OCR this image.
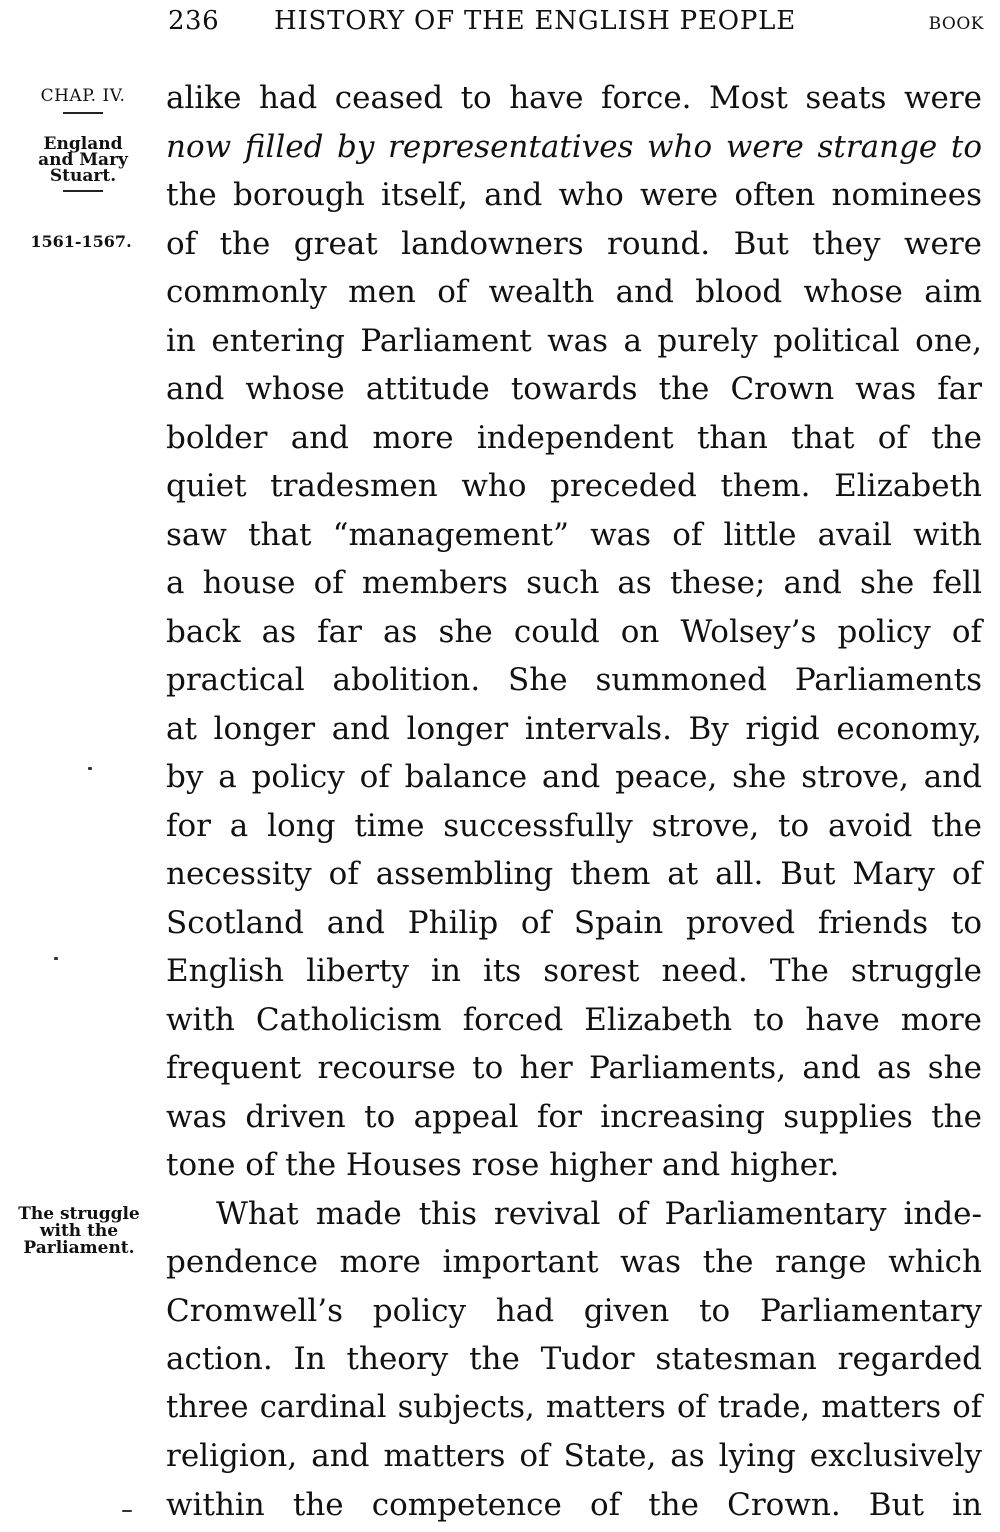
236 HISTORY OF THE ENGLISH PEOPLE	BOOK
CHAP. IV.
England
and Mary
Stuart.
1561-1567.
The struggle
with the
Parliament.
alike had ceased to have force. Most seats were
now filled by representatives who were strange to
the borough itself, and who were often nominees
of the great landowners round. But they were
commonly men of wealth and blood whose aim
in entering Parliament was a purely political one,
and whose attitude towards the Crown was far
bolder and more independent than that of the
quiet tradesmen who preceded them. Elizabeth
saw that “management” was of little avail with
a house of members such as these; and she fell
back as far as she could on Wolsey’s policy of
practical abolition. She summoned Parliaments
at longer and longer intervals. By rigid economy,
by a policy of balance and peace, she strove, and
for a long time successfully strove, to avoid the
necessity of assembling them at all. But Mary of
Scotland and Philip of Spain proved friends to
English liberty in its sorest need. The struggle
with Catholicism forced Elizabeth to have more
frequent recourse to her Parliaments, and as she
was driven to appeal for increasing supplies the
tone of the Houses rose higher and higher.
What made this revival of Parliamentary inde-
pendence more important was the range which
Cromwell’s policy had given to Parliamentary
action. In theory the Tudor statesman regarded
three cardinal subjects, matters of trade, matters of
religion, and matters of State, as lying exclusively
within the competence of the Crown. But in
